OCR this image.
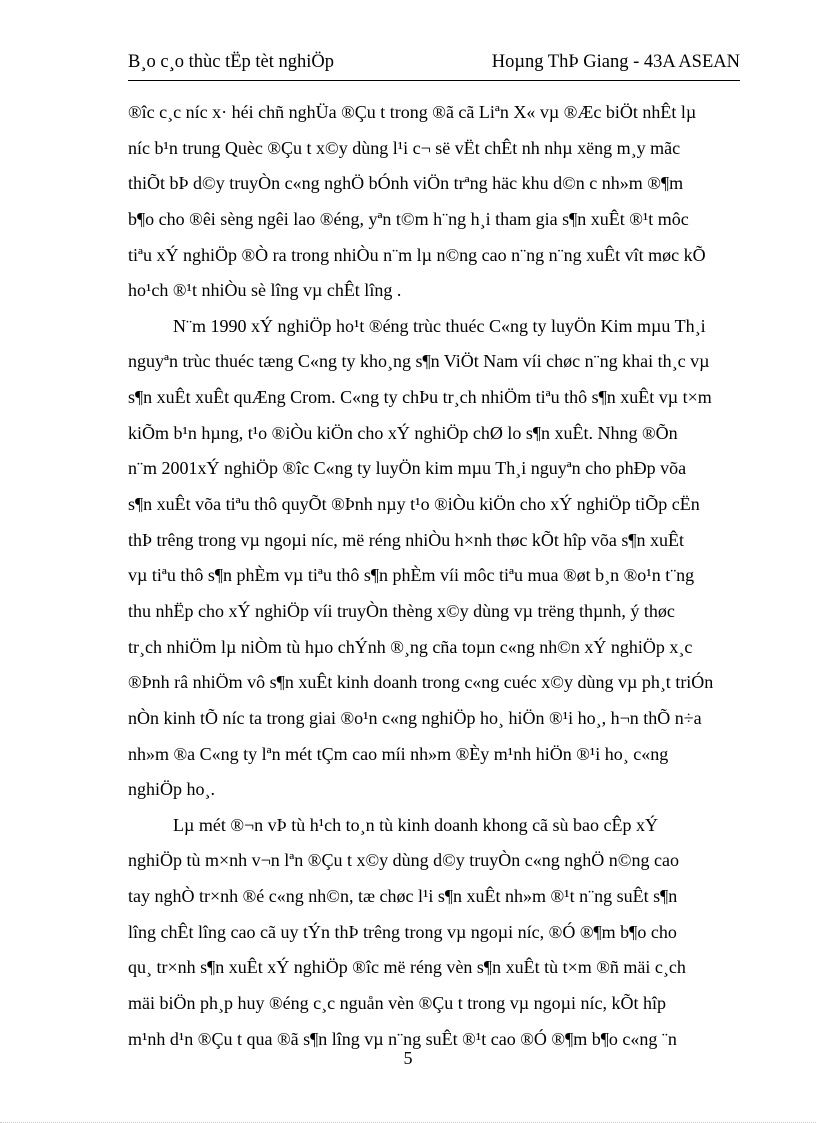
B¸o c¸o thùc tËp tèt nghiÖp	Hoµng ThÞ Giang - 43A ASEAN
®îc c¸c níc x· héi chñ nghÜa ®Çu t trong ®ã cã Liªn X« vµ ®Æc biÖt nhÊt lµ
níc b¹n trung Quèc ®Çu t x©y dùng l¹i c¬ së vËt chÊt nh nhµ xëng m¸y mãc
thiÕt bÞ d©y truyÒn c«ng nghÖ bÓnh viÖn trªng häc khu d©n c nh»m ®¶m
b¶o cho ®êi sèng ngêi lao ®éng, yªn t©m h¨ng h¸i tham gia s¶n xuÊt ®¹t môc
tiªu xÝ nghiÖp ®Ò ra trong nhiÒu n¨m lµ n©ng cao n¨ng n¨ng xuÊt vît møc kÕ
ho¹ch ®¹t nhiÒu sè lîng vµ chÊt lîng .
N¨m 1990 xÝ nghiÖp ho¹t ®éng trùc thuéc C«ng ty luyÖn Kim mµu Th¸i
nguyªn trùc thuéc tæng C«ng ty kho¸ng s¶n ViÖt Nam víi chøc n¨ng khai th¸c vµ
s¶n xuÊt xuÊt quÆng Crom. C«ng ty chÞu tr¸ch nhiÖm tiªu thô s¶n xuÊt vµ t×m
kiÕm b¹n hµng, t¹o ®iÒu kiÖn cho xÝ nghiÖp chØ lo s¶n xuÊt. Nhng ®Õn
n¨m 2001xÝ nghiÖp ®îc C«ng ty luyÖn kim mµu Th¸i nguyªn cho phÐp võa
s¶n xuÊt võa tiªu thô quyÕt ®Þnh nµy t¹o ®iÒu kiÖn cho xÝ nghiÖp tiÕp cËn
thÞ trêng trong vµ ngoµi níc, më réng nhiÒu h×nh thøc kÕt hîp võa s¶n xuÊt
vµ tiªu thô s¶n phÈm vµ tiªu thô s¶n phÈm víi môc tiªu mua ®øt b¸n ®o¹n t¨ng
thu nhËp cho xÝ nghiÖp víi truyÒn thèng x©y dùng vµ trëng thµnh, ý thøc
tr¸ch nhiÖm lµ niÒm tù hµo chÝnh ®¸ng cña toµn c«ng nh©n xÝ nghiÖp x¸c
®Þnh râ nhiÖm vô s¶n xuÊt kinh doanh trong c«ng cuéc x©y dùng vµ ph¸t triÓn
nÒn kinh tÕ níc ta trong giai ®o¹n c«ng nghiÖp ho¸ hiÖn ®¹i ho¸, h¬n thÕ n÷a
nh»m ®a C«ng ty lªn mét tÇm cao míi nh»m ®Èy m¹nh hiÖn ®¹i ho¸ c«ng
nghiÖp ho¸.
Lµ mét ®¬n vÞ tù h¹ch to¸n tù kinh doanh khong cã sù bao cÊp xÝ
nghiÖp tù m×nh v¬n lªn ®Çu t x©y dùng d©y truyÒn c«ng nghÖ n©ng cao
tay nghÒ tr×nh ®é c«ng nh©n, tæ chøc l¹i s¶n xuÊt nh»m ®¹t n¨ng suÊt s¶n
lîng chÊt lîng cao cã uy tÝn thÞ trêng trong vµ ngoµi níc, ®Ó ®¶m b¶o cho
qu¸ tr×nh s¶n xuÊt xÝ nghiÖp ®îc më réng vèn s¶n xuÊt tù t×m ®ñ mäi c¸ch
mäi biÖn ph¸p huy ®éng c¸c nguån vèn ®Çu t trong vµ ngoµi níc, kÕt hîp
m¹nh d¹n ®Çu t qua ®ã s¶n lîng vµ n¨ng suÊt ®¹t cao ®Ó ®¶m b¶o c«ng ¨n
5
